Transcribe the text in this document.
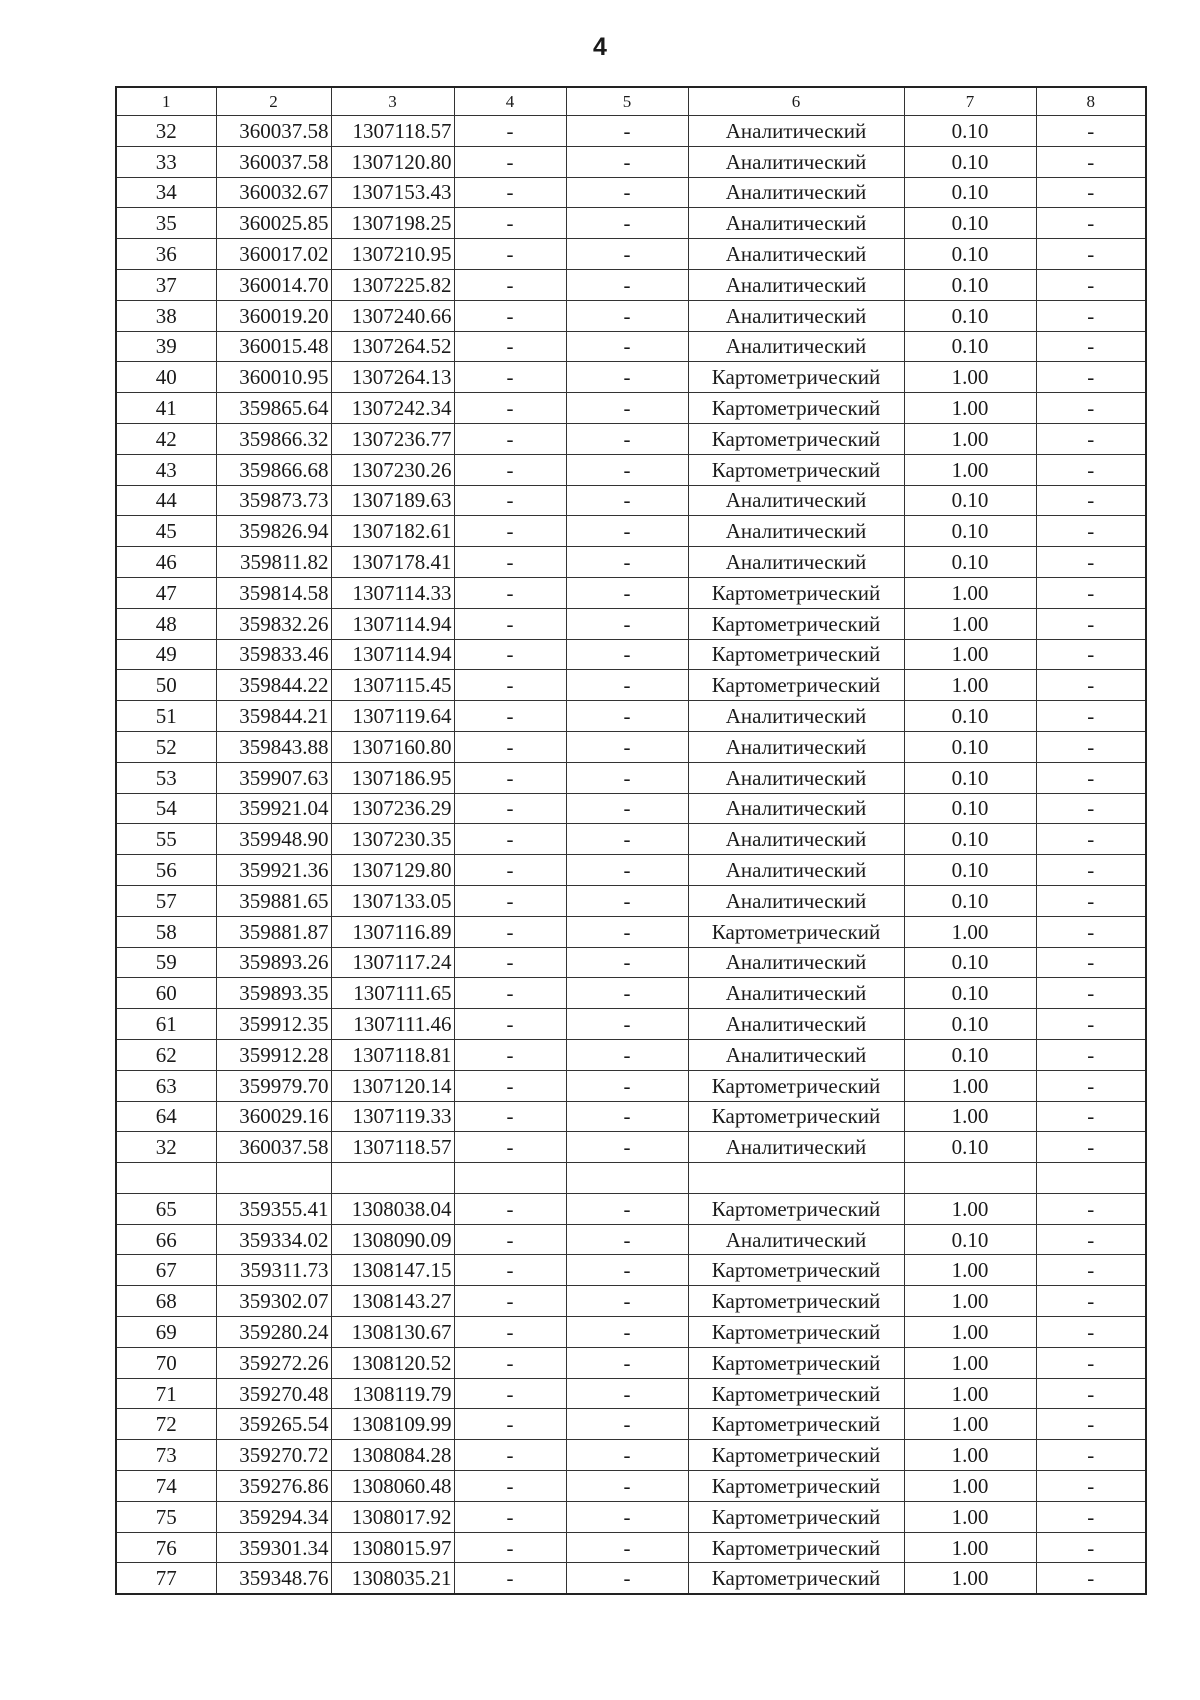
4
1	2	3	4	5	6	7	8
32	360037.58	1307118.57	-	-	Аналитический	0.10	-
33	360037.58	1307120.80	-	-	Аналитический	0.10	-
34	360032.67	1307153.43	-	-	Аналитический	0.10	-
35	360025.85	1307198.25	-	-	Аналитический	0.10	-
36	360017.02	1307210.95	-	-	Аналитический	0.10	-
37	360014.70	1307225.82	-	-	Аналитический	0.10	-
38	360019.20	1307240.66	-	-	Аналитический	0.10	-
39	360015.48	1307264.52	-	-	Аналитический	0.10	-
40	360010.95	1307264.13	-	-	Картометрический	1.00	-
41	359865.64	1307242.34	-	-	Картометрический	1.00	-
42	359866.32	1307236.77	-	-	Картометрический	1.00	-
43	359866.68	1307230.26	-	-	Картометрический	1.00	-
44	359873.73	1307189.63	-	-	Аналитический	0.10	-
45	359826.94	1307182.61	-	-	Аналитический	0.10	-
46	359811.82	1307178.41	-	-	Аналитический	0.10	-
47	359814.58	1307114.33	-	-	Картометрический	1.00	-
48	359832.26	1307114.94	-	-	Картометрический	1.00	-
49	359833.46	1307114.94	-	-	Картометрический	1.00	-
50	359844.22	1307115.45	-	-	Картометрический	1.00	-
51	359844.21	1307119.64	-	-	Аналитический	0.10	-
52	359843.88	1307160.80	-	-	Аналитический	0.10	-
53	359907.63	1307186.95	-	-	Аналитический	0.10	-
54	359921.04	1307236.29	-	-	Аналитический	0.10	-
55	359948.90	1307230.35	-	-	Аналитический	0.10	-
56	359921.36	1307129.80	-	-	Аналитический	0.10	-
57	359881.65	1307133.05	-	-	Аналитический	0.10	-
58	359881.87	1307116.89	-	-	Картометрический	1.00	-
59	359893.26	1307117.24	-	-	Аналитический	0.10	-
60	359893.35	1307111.65	-	-	Аналитический	0.10	-
61	359912.35	1307111.46	-	-	Аналитический	0.10	-
62	359912.28	1307118.81	-	-	Аналитический	0.10	-
63	359979.70	1307120.14	-	-	Картометрический	1.00	-
64	360029.16	1307119.33	-	-	Картометрический	1.00	-
32	360037.58	1307118.57	-	-	Аналитический	0.10	-

65	359355.41	1308038.04	-	-	Картометрический	1.00	-
66	359334.02	1308090.09	-	-	Аналитический	0.10	-
67	359311.73	1308147.15	-	-	Картометрический	1.00	-
68	359302.07	1308143.27	-	-	Картометрический	1.00	-
69	359280.24	1308130.67	-	-	Картометрический	1.00	-
70	359272.26	1308120.52	-	-	Картометрический	1.00	-
71	359270.48	1308119.79	-	-	Картометрический	1.00	-
72	359265.54	1308109.99	-	-	Картометрический	1.00	-
73	359270.72	1308084.28	-	-	Картометрический	1.00	-
74	359276.86	1308060.48	-	-	Картометрический	1.00	-
75	359294.34	1308017.92	-	-	Картометрический	1.00	-
76	359301.34	1308015.97	-	-	Картометрический	1.00	-
77	359348.76	1308035.21	-	-	Картометрический	1.00	-
